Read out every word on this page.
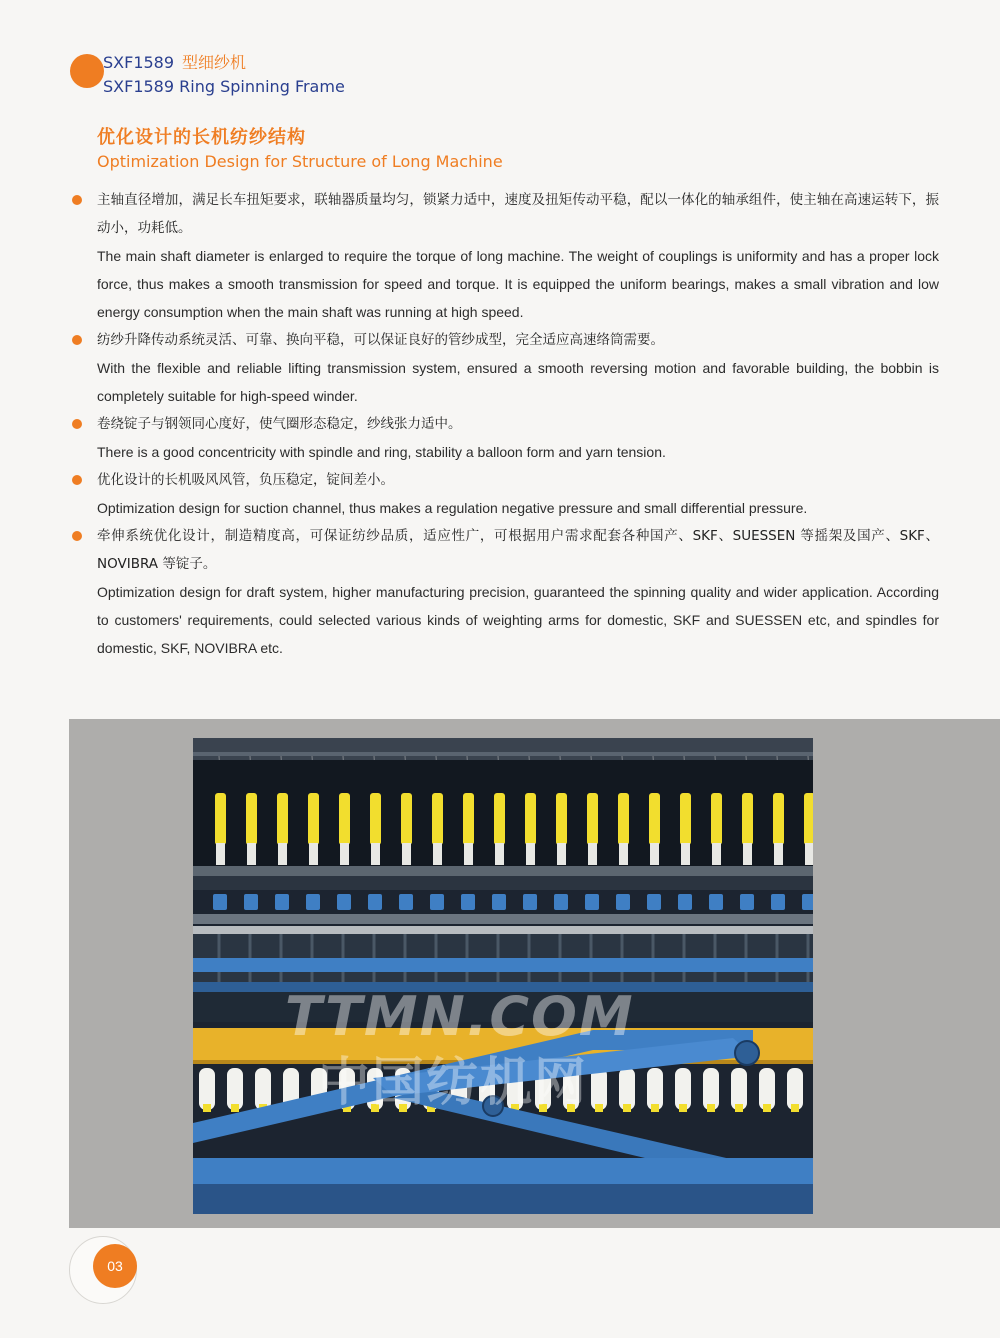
SXF1589 型细纱机
SXF1589 Ring Spinning Frame
优化设计的长机纺纱结构
Optimization Design for Structure of Long Machine
主轴直径增加，满足长车扭矩要求，联轴器质量均匀，锁紧力适中，速度及扭矩传动平稳，配以一体化的轴承组件，使主轴在高速运转下，振动小，功耗低。
The main shaft diameter is enlarged to require the torque of long machine. The weight of couplings is uniformity and has a proper lock force, thus makes a smooth transmission for speed and torque. It is equipped the uniform bearings, makes a small vibration and low energy consumption when the main shaft was running at high speed.
纺纱升降传动系统灵活、可靠、换向平稳，可以保证良好的管纱成型，完全适应高速络筒需要。
With the flexible and reliable lifting transmission system, ensured a smooth reversing motion and favorable building, the bobbin is completely suitable for high-speed winder.
卷绕锭子与钢领同心度好，使气圈形态稳定，纱线张力适中。
There is a good concentricity with spindle and ring, stability a balloon form and yarn tension.
优化设计的长机吸风风管，负压稳定，锭间差小。
Optimization design for suction channel, thus makes a regulation negative pressure and small differential pressure.
牵伸系统优化设计，制造精度高，可保证纺纱品质，适应性广，可根据用户需求配套各种国产、SKF、SUESSEN 等摇架及国产、SKF、NOVIBRA 等锭子。
Optimization design for draft system, higher manufacturing precision, guaranteed the spinning quality and wider application. According to customers' requirements, could selected various kinds of weighting arms for domestic, SKF and SUESSEN etc, and spindles for domestic, SKF, NOVIBRA etc.
TTMN.COM
中国纺机网
03
